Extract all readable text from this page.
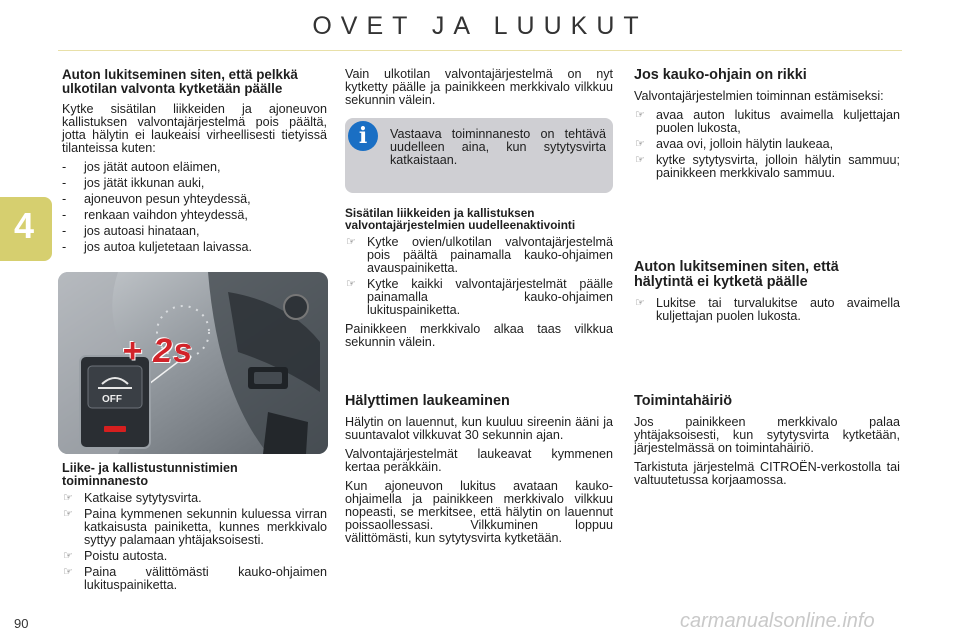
OVET JA LUUKUT
4
Auton lukitseminen siten, että pelkkä ulkotilan valvonta kytketään päälle

Kytke sisätilan liikkeiden ja ajoneuvon kallistuksen valvontajärjestelmä pois päältä, jotta hälytin ei laukeaisi virheellisesti tietyissä tilanteissa kuten:

- jos jätät autoon eläimen,
- jos jätät ikkunan auki,
- ajoneuvon pesun yhteydessä,
- renkaan vaihdon yhteydessä,
- jos autoasi hinataan,
- jos autoa kuljetetaan laivassa.
+ 2s
OFF
Liike- ja kallistustunnistimien toiminnanesto
☞ Katkaise sytytysvirta.
☞ Paina kymmenen sekunnin kuluessa virran katkaisusta painiketta, kunnes merkkivalo syttyy palamaan yhtäjaksoisesti.
☞ Poistu autosta.
☞ Paina välittömästi kauko-ohjaimen lukituspainiketta.

Vain ulkotilan valvontajärjestelmä on nyt kytketty päälle ja painikkeen merkkivalo vilkkuu sekunnin välein.

i	Vastaava toiminnanesto on tehtävä uudelleen aina, kun sytytysvirta katkaistaan.
Sisätilan liikkeiden ja kallistuksen valvontajärjestelmien uudelleenaktivointi
☞ Kytke ovien/ulkotilan valvontajärjestelmä pois päältä painamalla kauko-ohjaimen avauspainiketta.
☞ Kytke kaikki valvontajärjestelmät päälle painamalla kauko-ohjaimen lukituspainiketta.

Painikkeen merkkivalo alkaa taas vilkkua sekunnin välein.

Hälyttimen laukeaminen

Hälytin on lauennut, kun kuuluu sireenin ääni ja suuntavalot vilkkuvat 30 sekunnin ajan.

Valvontajärjestelmät laukeavat kymmenen kertaa peräkkäin.

Kun ajoneuvon lukitus avataan kauko-ohjaimella ja painikkeen merkkivalo vilkkuu nopeasti, se merkitsee, että hälytin on lauennut poissaollessasi. Vilkkuminen loppuu välittömästi, kun sytytysvirta kytketään.

Jos kauko-ohjain on rikki

Valvontajärjestelmien toiminnan estämiseksi:

☞ avaa auton lukitus avaimella kuljettajan puolen lukosta,
☞ avaa ovi, jolloin hälytin laukeaa,
☞ kytke sytytysvirta, jolloin hälytin sammuu; painikkeen merkkivalo sammuu.
Auton lukitseminen siten, että hälytintä ei kytketä päälle
☞ Lukitse tai turvalukitse auto avaimella kuljettajan puolen lukosta.
Toimintahäiriö

Jos painikkeen merkkivalo palaa yhtäjaksoisesti, kun sytytysvirta kytketään, järjestelmässä on toimintahäiriö.

Tarkistuta järjestelmä CITROËN-verkostolla tai valtuutetussa korjaamossa.

90	carmanualsonline.info
